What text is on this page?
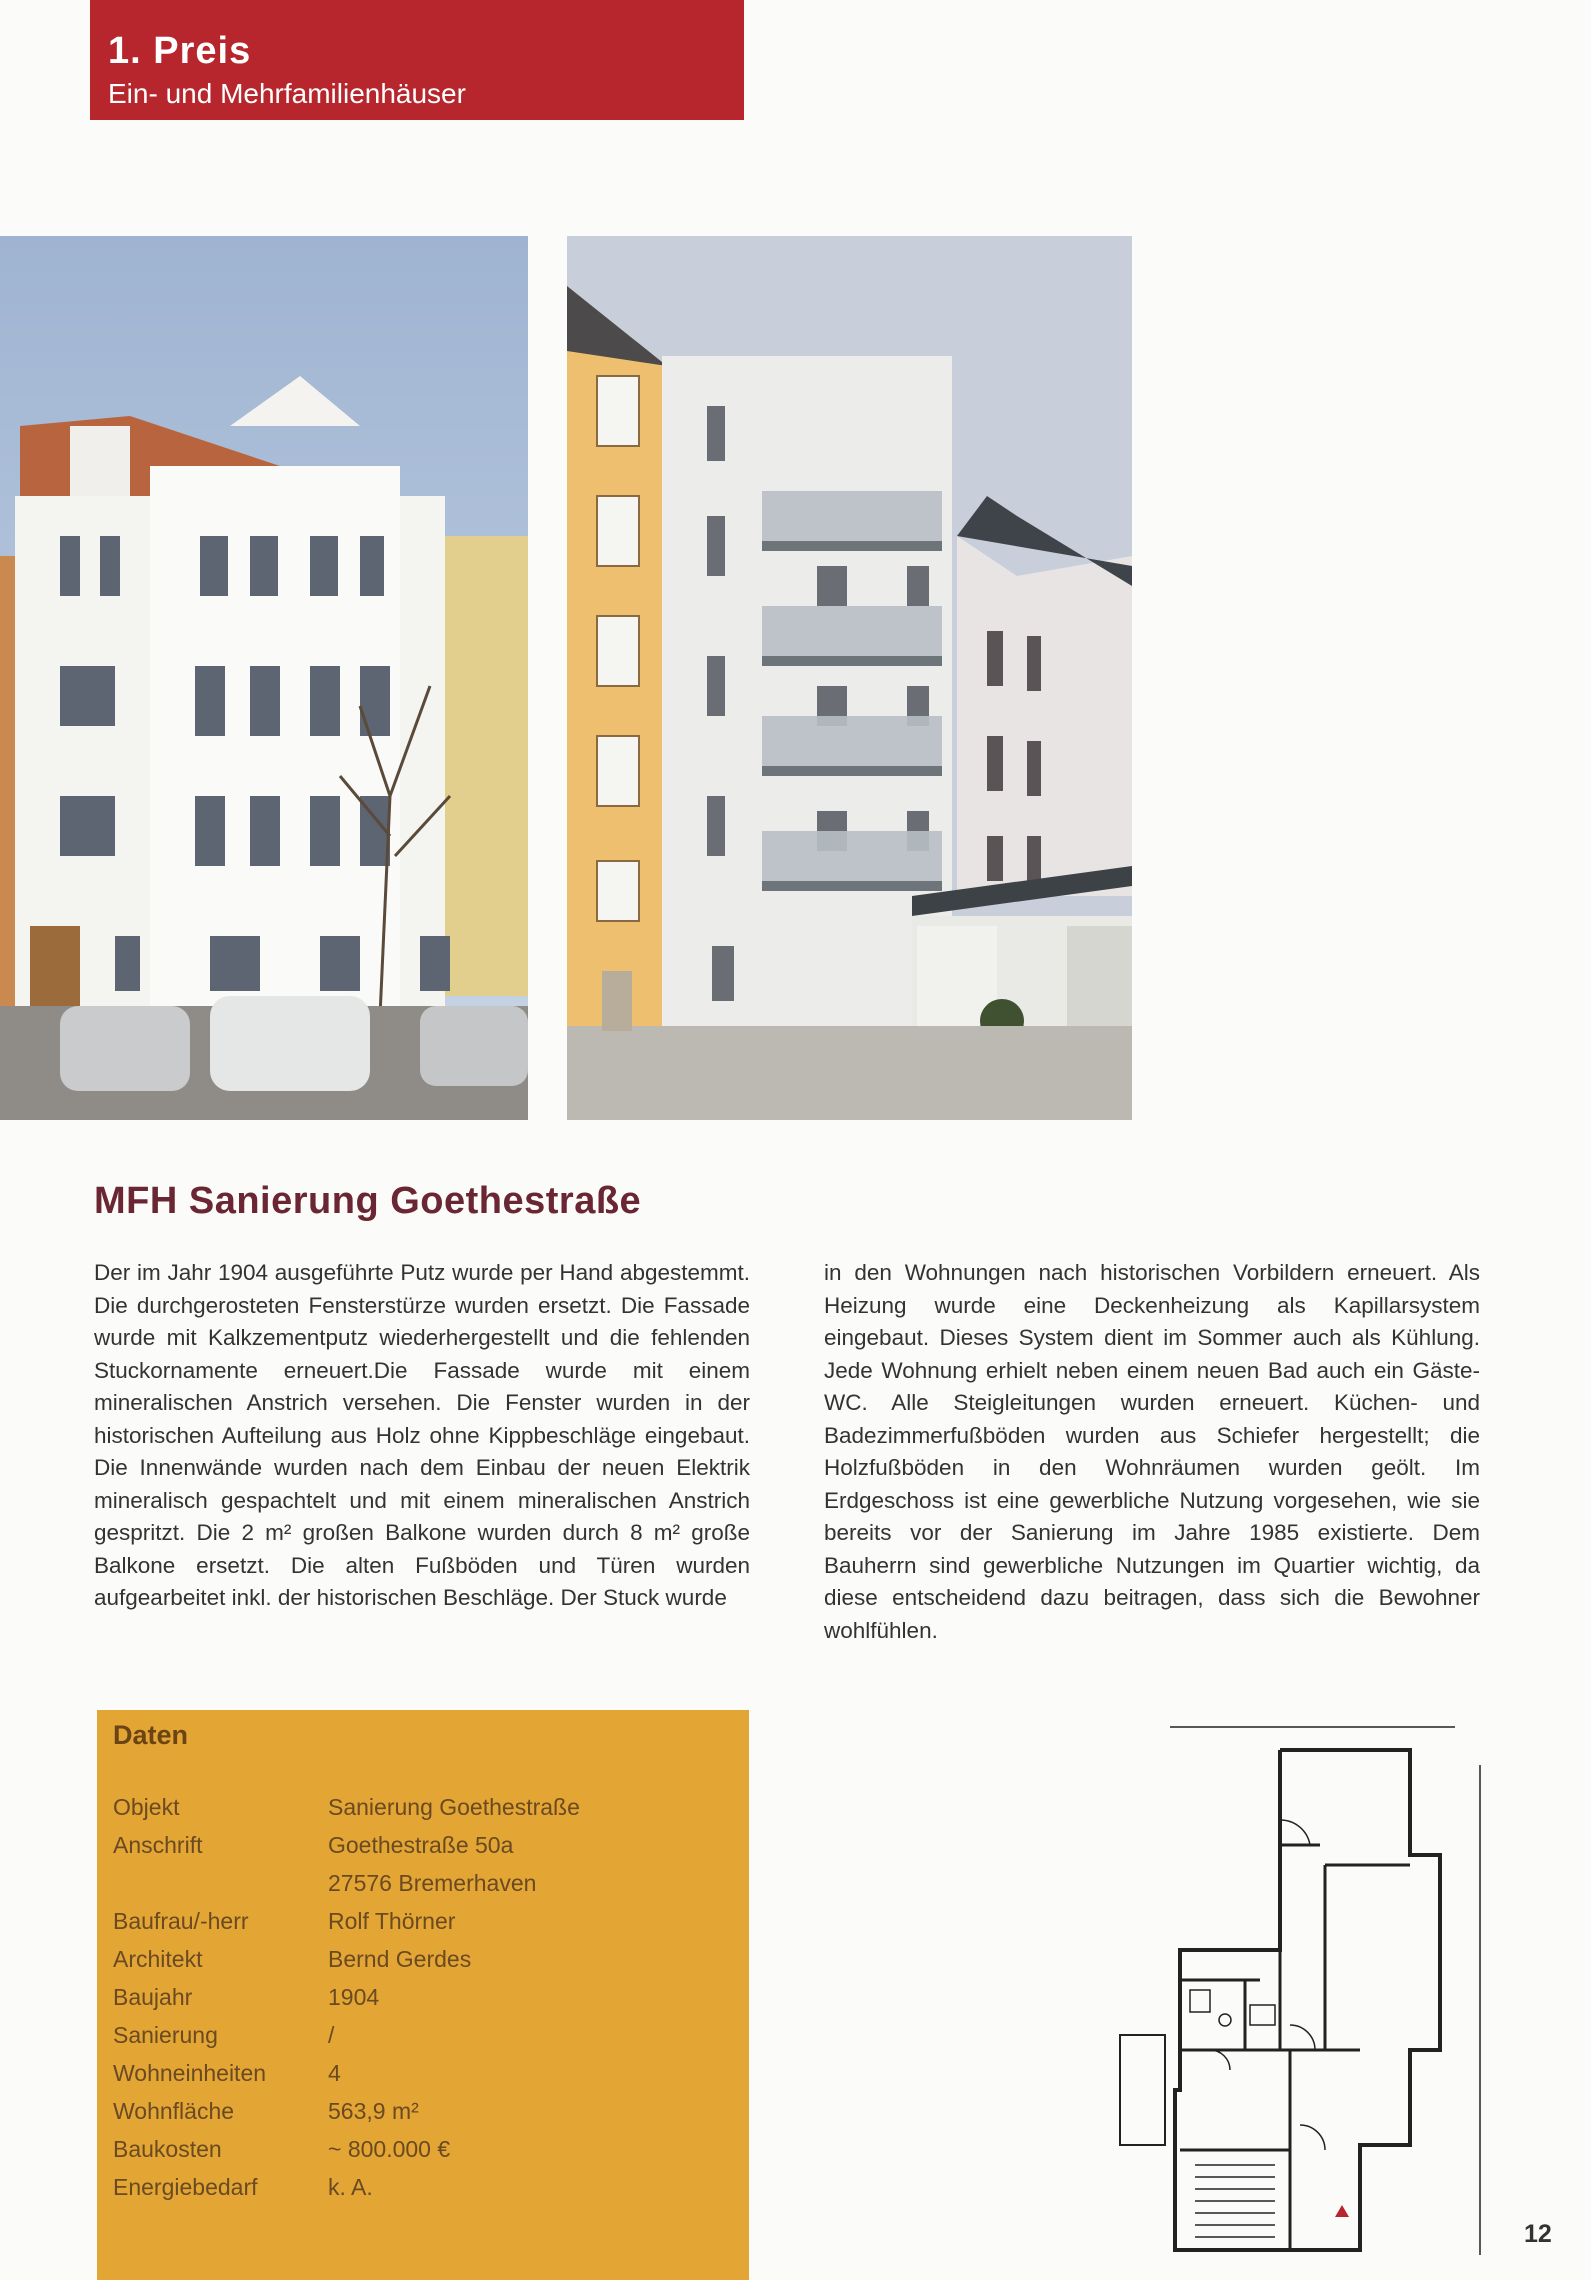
1. Preis
Ein- und Mehrfamilienhäuser
MFH Sanierung Goethestraße
Der im Jahr 1904 ausgeführte Putz wurde per Hand abgestemmt. Die durchgerosteten Fensterstürze wurden ersetzt. Die Fassade wurde mit Kalkzementputz wiederhergestellt und die fehlenden Stuckornamente erneuert.Die Fassade wurde mit einem mineralischen Anstrich versehen. Die Fenster wurden in der historischen Aufteilung aus Holz ohne Kippbeschläge eingebaut. Die Innenwände wurden nach dem Einbau der neuen Elektrik mineralisch gespachtelt und mit einem mineralischen Anstrich gespritzt. Die 2 m² großen Balkone wurden durch 8 m² große Balkone ersetzt. Die alten Fußböden und Türen wurden aufgearbeitet inkl. der historischen Beschläge. Der Stuck wurde
in den Wohnungen nach historischen Vorbildern erneuert. Als Heizung wurde eine Deckenheizung als Kapillarsystem eingebaut. Dieses System dient im Sommer auch als Kühlung. Jede Wohnung erhielt neben einem neuen Bad auch ein Gäste-WC. Alle Steigleitungen wurden erneuert. Küchen- und Badezimmerfußböden wurden aus Schiefer hergestellt; die Holzfußböden in den Wohnräumen wurden geölt. Im Erdgeschoss ist eine gewerbliche Nutzung vorgesehen, wie sie bereits vor der Sanierung im Jahre 1985 existierte. Dem Bauherrn sind gewerbliche Nutzungen im Quartier wichtig, da diese entscheidend dazu beitragen, dass sich die Bewohner wohlfühlen.
Daten
Objekt	Sanierung Goethestraße
Anschrift	Goethestraße 50a
27576 Bremerhaven
Baufrau/-herr	Rolf Thörner
Architekt	Bernd Gerdes
Baujahr	1904
Sanierung	/
Wohneinheiten	4
Wohnfläche	563,9 m²
Baukosten	~ 800.000 €
Energiebedarf	k. A.
12
